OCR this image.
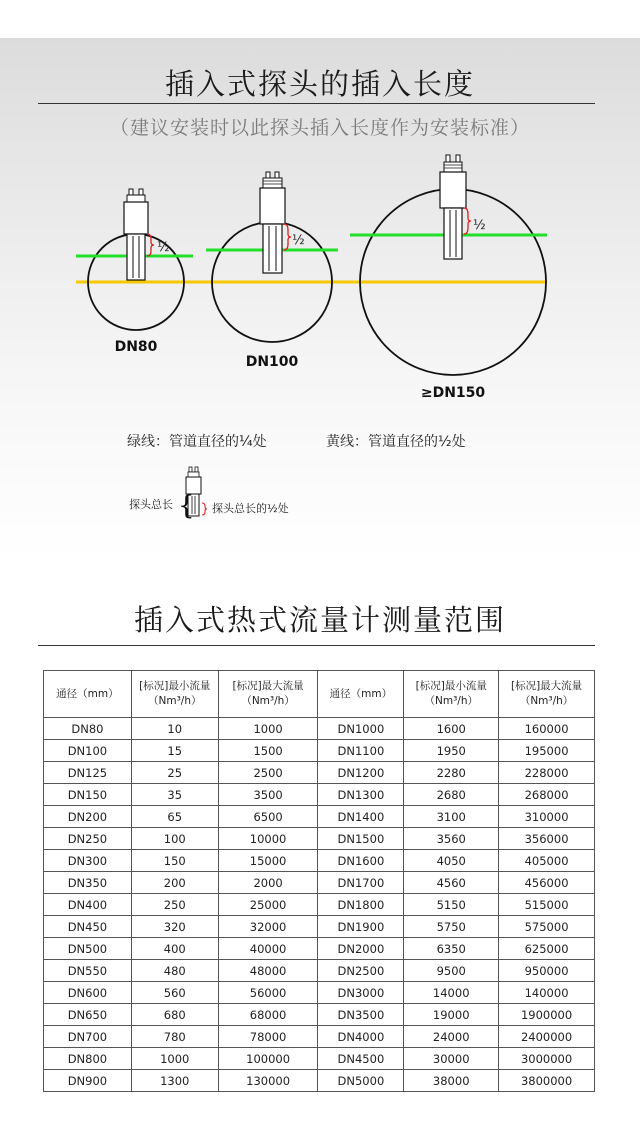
插入式探头的插入长度
（建议安装时以此探头插入长度作为安装标准）
½
DN80
½
DN100
½
≥DN150
{
绿线：管道直径的¼处	黄线：管道直径的½处
探头总长	探头总长的½处
插入式热式流量计测量范围
通径（mm）	[标况]最小流量（Nm³/h）	[标况]最大流量（Nm³/h）	通径（mm）	[标况]最小流量（Nm³/h）	[标况]最大流量（Nm³/h）
DN80	10	1000	DN1000	1600	160000
DN100	15	1500	DN1100	1950	195000
DN125	25	2500	DN1200	2280	228000
DN150	35	3500	DN1300	2680	268000
DN200	65	6500	DN1400	3100	310000
DN250	100	10000	DN1500	3560	356000
DN300	150	15000	DN1600	4050	405000
DN350	200	2000	DN1700	4560	456000
DN400	250	25000	DN1800	5150	515000
DN450	320	32000	DN1900	5750	575000
DN500	400	40000	DN2000	6350	625000
DN550	480	48000	DN2500	9500	950000
DN600	560	56000	DN3000	14000	140000
DN650	680	68000	DN3500	19000	1900000
DN700	780	78000	DN4000	24000	2400000
DN800	1000	100000	DN4500	30000	3000000
DN900	1300	130000	DN5000	38000	3800000
